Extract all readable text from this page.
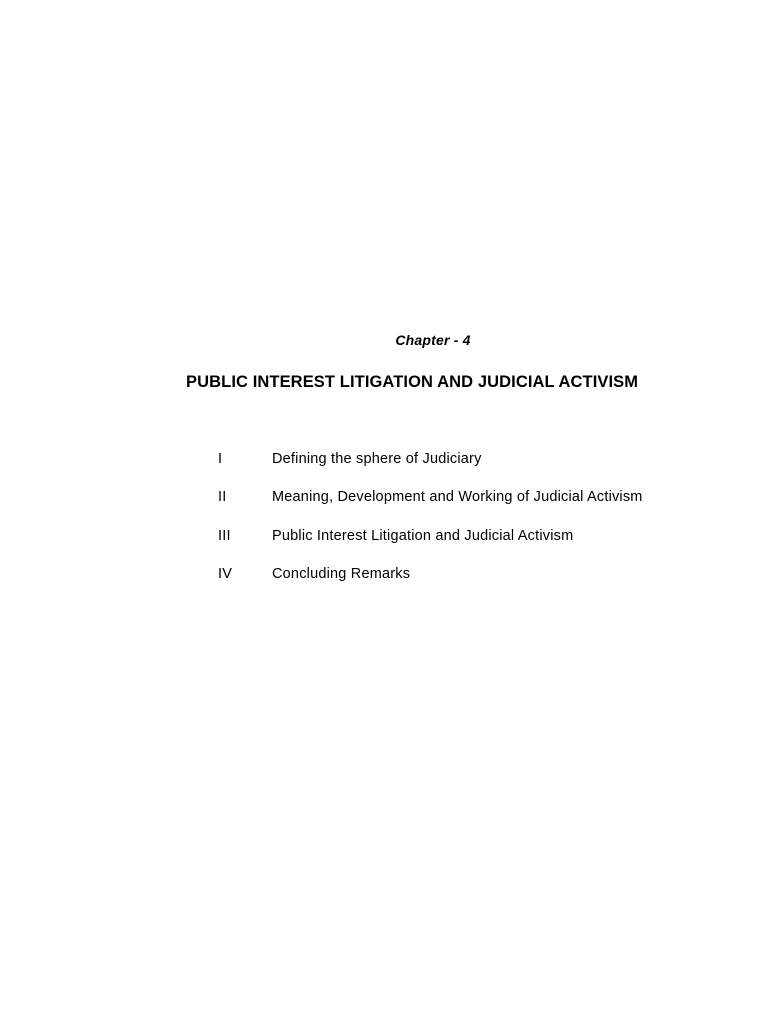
Chapter - 4
PUBLIC INTEREST LITIGATION AND JUDICIAL ACTIVISM
I	Defining the sphere of Judiciary
II	Meaning, Development and Working of Judicial Activism
III	Public Interest Litigation and Judicial Activism
IV	Concluding Remarks
